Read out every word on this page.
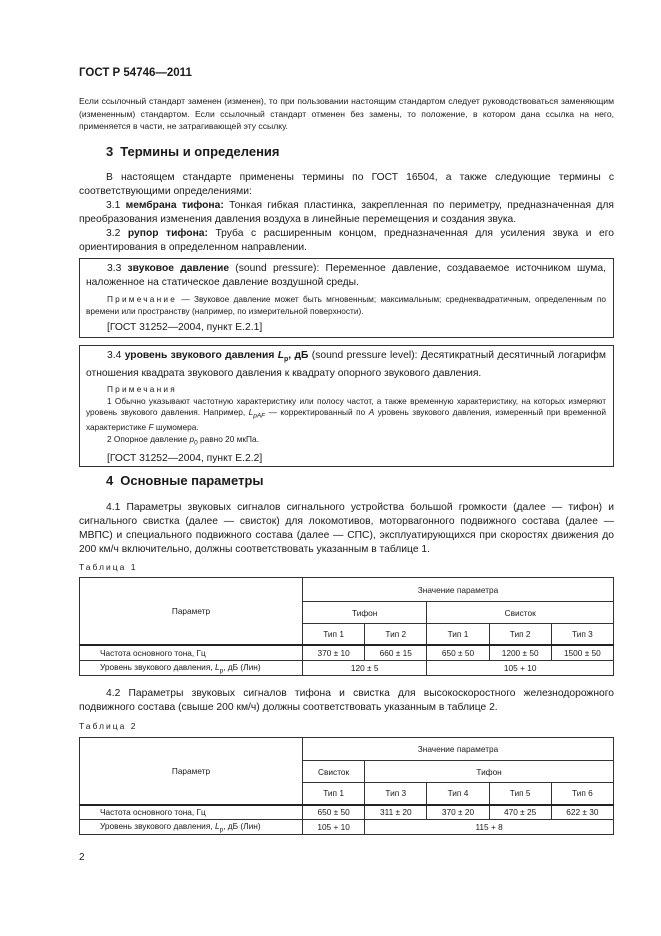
ГОСТ Р 54746—2011

Если ссылочный стандарт заменен (изменен), то при пользовании настоящим стандартом следует руководствоваться заменяющим (измененным) стандартом. Если ссылочный стандарт отменен без замены, то положение, в котором дана ссылка на него, применяется в части, не затрагивающей эту ссылку.

3 Термины и определения

В настоящем стандарте применены термины по ГОСТ 16504, а также следующие термины с соответствующими определениями:

3.1 мембрана тифона: Тонкая гибкая пластинка, закрепленная по периметру, предназначенная для преобразования изменения давления воздуха в линейные перемещения и создания звука.

3.2 рупор тифона: Труба с расширенным концом, предназначенная для усиления звука и его ориентирования в определенном направлении.

3.3 звуковое давление (sound pressure): Переменное давление, создаваемое источником шума, наложенное на статическое давление воздушной среды.

Примечание — Звуковое давление может быть мгновенным; максимальным; среднеквадратичным, определенным по времени или пространству (например, по измерительной поверхности).

[ГОСТ 31252—2004, пункт Е.2.1]

3.4 уровень звукового давления $L_p$, дБ (sound pressure level): Десятикратный десятичный логарифм отношения квадрата звукового давления к квадрату опорного звукового давления.

Примечания

1 Обычно указывают частотную характеристику или полосу частот, а также временную характеристику, на которых измеряют уровень звукового давления. Например, $L_{pAF}$ — корректированный по A уровень звукового давления, измеренный при временной характеристике F шумомера.

2 Опорное давление $p_0$ равно 20 мкПа.

[ГОСТ 31252—2004, пункт Е.2.2]

4 Основные параметры

4.1 Параметры звуковых сигналов сигнального устройства большой громкости (далее — тифон) и сигнального свистка (далее — свисток) для локомотивов, моторвагонного подвижного состава (далее — МВПС) и специального подвижного состава (далее — СПС), эксплуатирующихся при скоростях движения до 200 км/ч включительно, должны соответствовать указанным в таблице 1.

Таблица 1
Параметр	Значение параметра				
	Тифон		Свисток		
	Тип 1	Тип 2	Тип 1	Тип 2	Тип 3
Частота основного тона, Гц	370 ± 10	660 ± 15	650 ± 50	1200 ± 50	1500 ± 50
Уровень звукового давления, $L_p$, дБ (Лин)	120 ± 5		105 + 10		

4.2 Параметры звуковых сигналов тифона и свистка для высокоскоростного железнодорожного подвижного состава (свыше 200 км/ч) должны соответствовать указанным в таблице 2.

Таблица 2
Параметр	Значение параметра				
	Свисток	Тифон			
	Тип 1	Тип 3	Тип 4	Тип 5	Тип 6
Частота основного тона, Гц	650 ± 50	311 ± 20	370 ± 20	470 ± 25	622 ± 30
Уровень звукового давления, $L_p$, дБ (Лин)	105 + 10	115 + 8			
2
